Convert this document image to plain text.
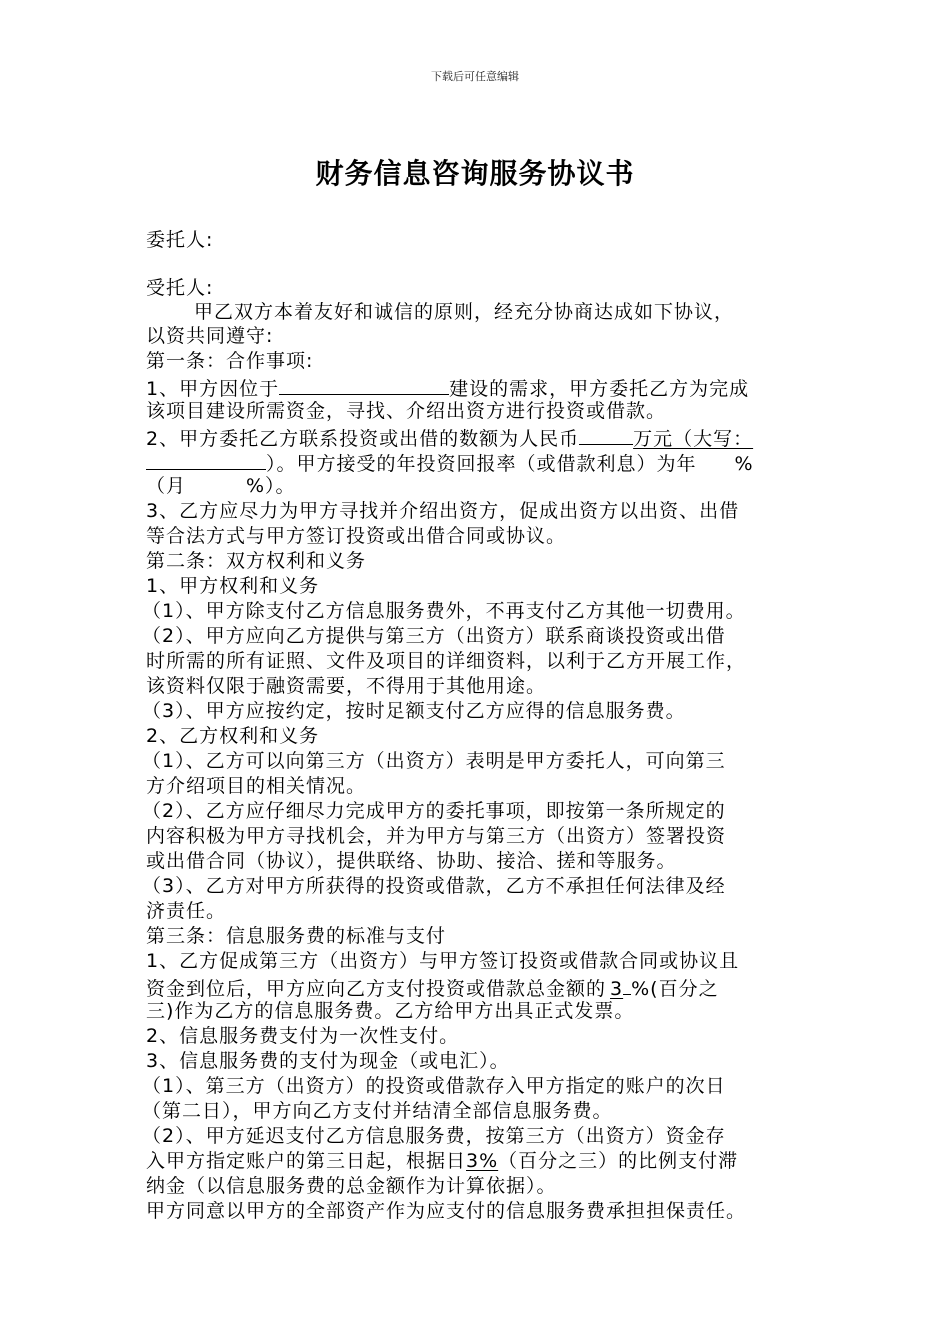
下载后可任意编辑
财务信息咨询服务协议书
委托人:
受托人:
甲乙双方本着友好和诚信的原则，经充分协商达成如下协议，
以资共同遵守:
第一条：合作事项:
1、甲方因位于	建设的需求，甲方委托乙方为完成
该项目建设所需资金，寻找、介绍出资方进行投资或借款。
2、甲方委托乙方联系投资或出借的数额为人民币	万元（大写：
）。甲方接受的年投资回报率（或借款利息）为年 %
（月　　　%）。
3、乙方应尽力为甲方寻找并介绍出资方，促成出资方以出资、出借
等合法方式与甲方签订投资或出借合同或协议。
第二条：双方权利和义务
1、甲方权利和义务
（1）、甲方除支付乙方信息服务费外，不再支付乙方其他一切费用。
（2）、甲方应向乙方提供与第三方（出资方）联系商谈投资或出借
时所需的所有证照、文件及项目的详细资料，以利于乙方开展工作，
该资料仅限于融资需要，不得用于其他用途。
（3）、甲方应按约定，按时足额支付乙方应得的信息服务费。
2、乙方权利和义务
（1）、乙方可以向第三方（出资方）表明是甲方委托人，可向第三
方介绍项目的相关情况。
（2）、乙方应仔细尽力完成甲方的委托事项，即按第一条所规定的
内容积极为甲方寻找机会，并为甲方与第三方（出资方）签署投资
或出借合同（协议），提供联络、协助、接洽、搓和等服务。
（3）、乙方对甲方所获得的投资或借款，乙方不承担任何法律及经
济责任。
第三条：信息服务费的标准与支付
1、乙方促成第三方（出资方）与甲方签订投资或借款合同或协议且
资金到位后，甲方应向乙方支付投资或借款总金额的 3 %(百分之
三)作为乙方的信息服务费。乙方给甲方出具正式发票。
2、信息服务费支付为一次性支付。
3、信息服务费的支付为现金（或电汇）。
（1）、第三方（出资方）的投资或借款存入甲方指定的账户的次日
（第二日），甲方向乙方支付并结清全部信息服务费。
（2）、甲方延迟支付乙方信息服务费，按第三方（出资方）资金存
入甲方指定账户的第三日起，根据日3%（百分之三）的比例支付滞
纳金（以信息服务费的总金额作为计算依据）。
甲方同意以甲方的全部资产作为应支付的信息服务费承担担保责任。
